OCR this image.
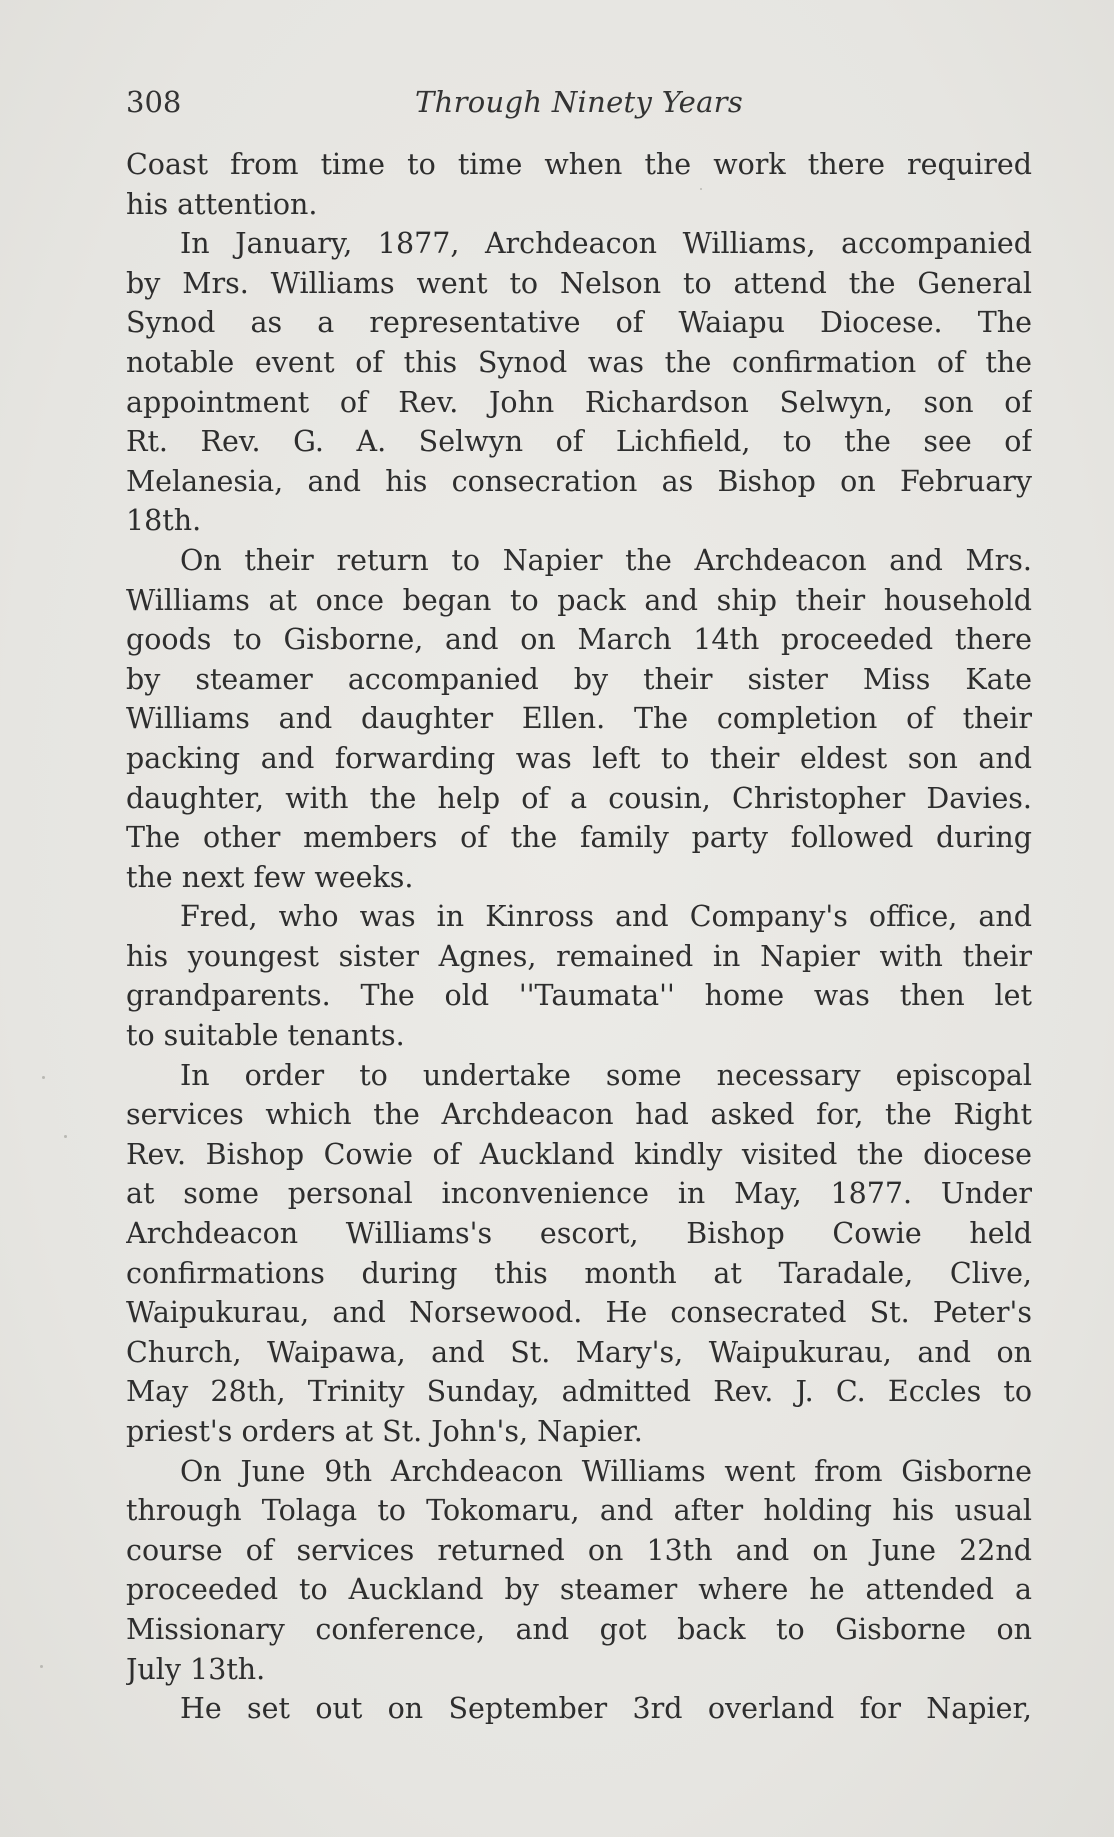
308	Through Ninety Years
Coast from time to time when the work there required
his attention.
In January, 1877, Archdeacon Williams, accompanied
by Mrs. Williams went to Nelson to attend the General
Synod as a representative of Waiapu Diocese. The
notable event of this Synod was the confirmation of the
appointment of Rev. John Richardson Selwyn, son of
Rt. Rev. G. A. Selwyn of Lichfield, to the see of
Melanesia, and his consecration as Bishop on February
18th.
On their return to Napier the Archdeacon and Mrs.
Williams at once began to pack and ship their household
goods to Gisborne, and on March 14th proceeded there
by steamer accompanied by their sister Miss Kate
Williams and daughter Ellen. The completion of their
packing and forwarding was left to their eldest son and
daughter, with the help of a cousin, Christopher Davies.
The other members of the family party followed during
the next few weeks.
Fred, who was in Kinross and Company's office, and
his youngest sister Agnes, remained in Napier with their
grandparents. The old ''Taumata'' home was then let
to suitable tenants.
In order to undertake some necessary episcopal
services which the Archdeacon had asked for, the Right
Rev. Bishop Cowie of Auckland kindly visited the diocese
at some personal inconvenience in May, 1877. Under
Archdeacon Williams's escort, Bishop Cowie held
confirmations during this month at Taradale, Clive,
Waipukurau, and Norsewood. He consecrated St. Peter's
Church, Waipawa, and St. Mary's, Waipukurau, and on
May 28th, Trinity Sunday, admitted Rev. J. C. Eccles to
priest's orders at St. John's, Napier.
On June 9th Archdeacon Williams went from Gisborne
through Tolaga to Tokomaru, and after holding his usual
course of services returned on 13th and on June 22nd
proceeded to Auckland by steamer where he attended a
Missionary conference, and got back to Gisborne on
July 13th.
He set out on September 3rd overland for Napier,
